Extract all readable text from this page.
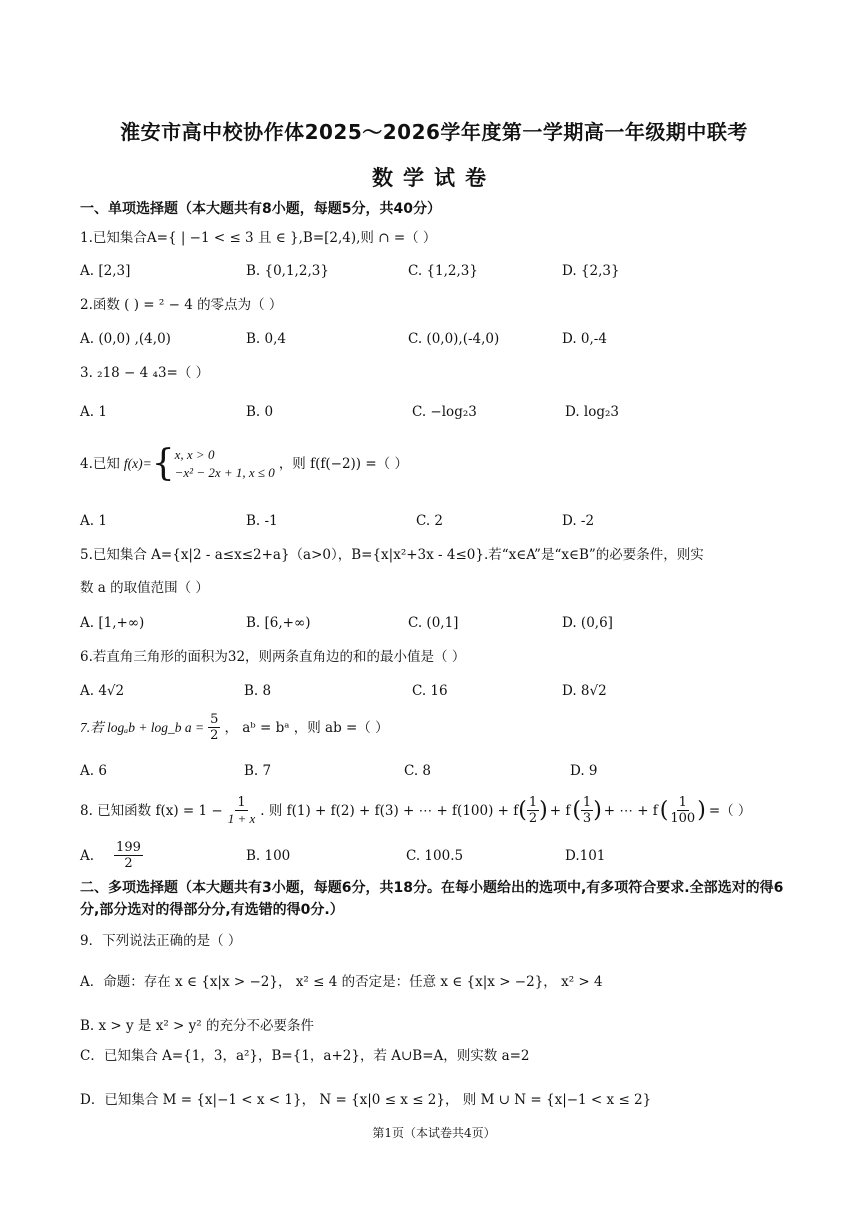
淮安市高中校协作体2025～2026学年度第一学期高一年级期中联考
数学试卷
一、单项选择题（本大题共有8小题，每题5分，共40分）
1.已知集合A={ | −1 < ≤ 3 且 ∈ },B=[2,4),则 ∩ =（ ）
A. [2,3]	B. {0,1,2,3}	C. {1,2,3}	D. {2,3}
2.函数 ( ) = ² − 4 的零点为（ ）
A. (0,0) ,(4,0)	B. 0,4	C. (0,0),(-4,0)	D. 0,-4
3. ₂18 − 4 ₄3=（ ）
A. 1	B. 0	C. −log₂3	D. log₂3
4.已知 f(x)= { x, x > 0
−x² − 2x + 1, x ≤ 0
，则 f(f(−2)) =（ ）
A. 1	B. -1	C. 2	D. -2
5.已知集合 A={x|2 - a≤x≤2+a}（a>0），B={x|x²+3x - 4≤0}.若“x∈A”是“x∈B”的必要条件，则实
数 a 的取值范围（ ）
A. [1,+∞)	B. [6,+∞)	C. (0,1]	D. (0,6]
6.若直角三角形的面积为32，则两条直角边的和的最小值是（ ）
A. 4√2	B. 8	C. 16	D. 8√2
7.若 logₐb + log_b $a = \frac{5}{2}$ ， aᵇ = bᵃ ，则 ab =（ ）
A. 6	B. 7	C. 8	D. 9
8. 已知函数 $f(x) = 1 - \frac{1}{1 + x}$ . 则 f(1) + f(2) + f(3) + ⋯ + f(100) + f ( $\frac{1}{2}$ ) + f ( $\frac{1}{3}$ ) + ⋯ + f ( $\frac{1}{100}$ ) =（ ）
A. $\frac{199}{2}$	B. 100	C. 100.5	D.101
二、多项选择题（本大题共有3小题，每题6分，共18分。在每小题给出的选项中,有多项符合要求.全部选对的得6分,部分选对的得部分分,有选错的得0分.）
9．下列说法正确的是（ ）
A．命题：存在 x ∈ {x|x > −2}， x² ≤ 4 的否定是：任意 x ∈ {x|x > −2}， x² > 4
B. x > y 是 x² > y² 的充分不必要条件
C．已知集合 A={1，3，a²}，B={1，a+2}，若 A∪B=A，则实数 a=2
D．已知集合 M = {x|−1 < x < 1}， N = {x|0 ≤ x ≤ 2}， 则 M ∪ N = {x|−1 < x ≤ 2}
第1页（本试卷共4页）
